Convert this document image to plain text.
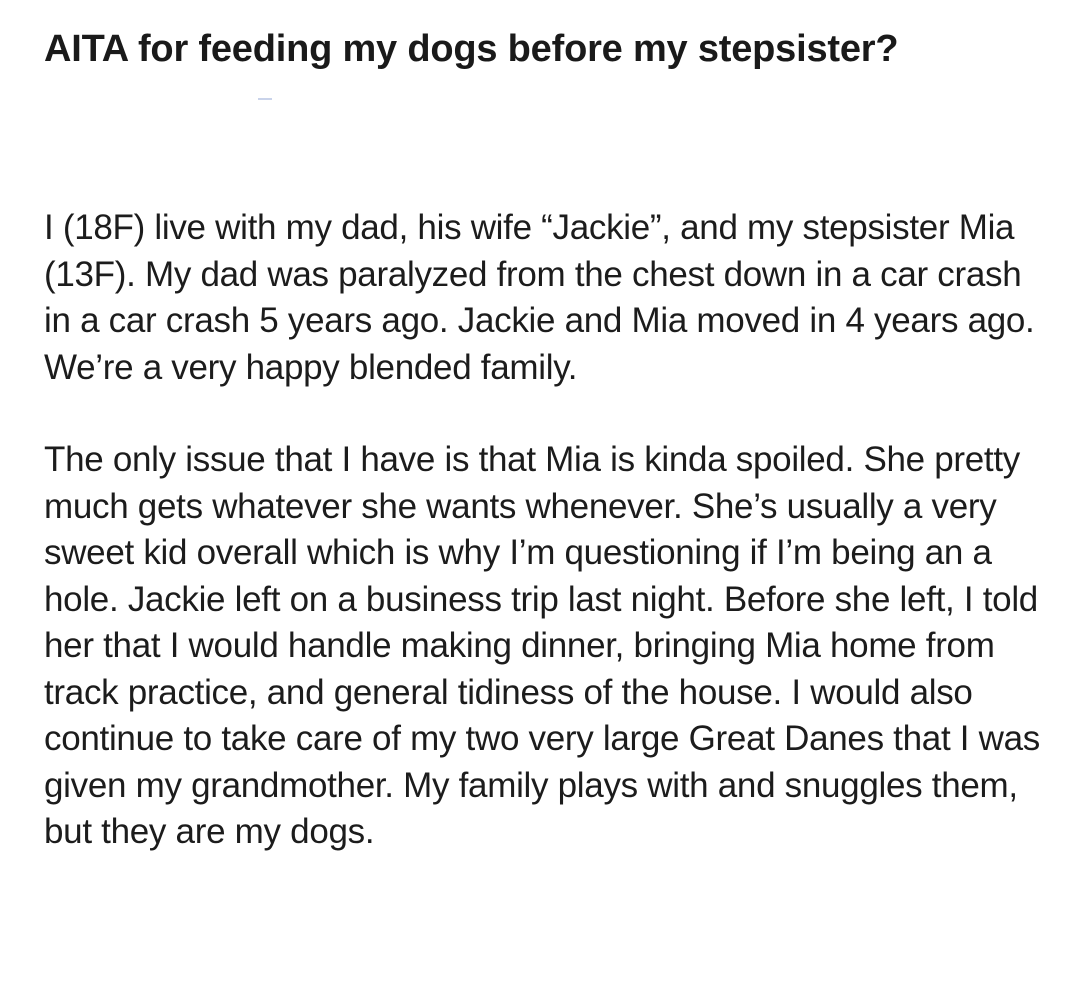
AITA for feeding my dogs before my stepsister?

I (18F) live with my dad, his wife “Jackie”, and my stepsister Mia (13F). My dad was paralyzed from the chest down in a car crash in a car crash 5 years ago. Jackie and Mia moved in 4 years ago. We’re a very happy blended family.

The only issue that I have is that Mia is kinda spoiled. She pretty much gets whatever she wants whenever. She’s usually a very sweet kid overall which is why I’m questioning if I’m being an a⁠ ⁠hole. Jackie left on a business trip last night. Before she left, I told her that I would handle making dinner, bringing Mia home from track practice, and general tidiness of the house. I would also continue to take care of my two very large Great Danes that I was given my grandmother. My family plays with and snuggles them, but they are my dogs.
